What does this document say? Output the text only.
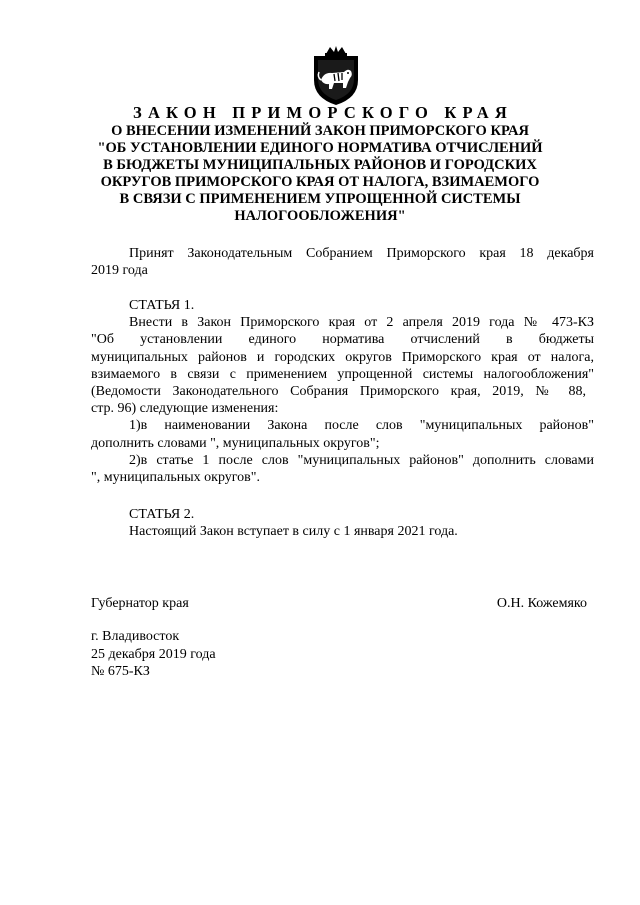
ЗАКОН ПРИМОРСКОГО КРАЯ
О ВНЕСЕНИИ ИЗМЕНЕНИЙ ЗАКОН ПРИМОРСКОГО КРАЯ
"ОБ УСТАНОВЛЕНИИ ЕДИНОГО НОРМАТИВА ОТЧИСЛЕНИЙ
В БЮДЖЕТЫ МУНИЦИПАЛЬНЫХ РАЙОНОВ И ГОРОДСКИХ
ОКРУГОВ ПРИМОРСКОГО КРАЯ ОТ НАЛОГА, ВЗИМАЕМОГО
В СВЯЗИ С ПРИМЕНЕНИЕМ УПРОЩЕННОЙ СИСТЕМЫ
НАЛОГООБЛОЖЕНИЯ"
Принят Законодательным Собранием Приморского края 18 декабря
2019 года
СТАТЬЯ 1.
Внести в Закон Приморского края от 2 апреля 2019 года № 473-КЗ
"Об установлении единого норматива отчислений в бюджеты
муниципальных районов и городских округов Приморского края от налога,
взимаемого в связи с применением упрощенной системы налогообложения"
(Ведомости Законодательного Собрания Приморского края, 2019, № 88,
стр. 96) следующие изменения:
1)в наименовании Закона после слов "муниципальных районов"
дополнить словами ", муниципальных округов";
2)в статье 1 после слов "муниципальных районов" дополнить словами
", муниципальных округов".
СТАТЬЯ 2.
Настоящий Закон вступает в силу с 1 января 2021 года.
Губернатор края	О.Н. Кожемяко
г. Владивосток
25 декабря 2019 года
№ 675-КЗ
